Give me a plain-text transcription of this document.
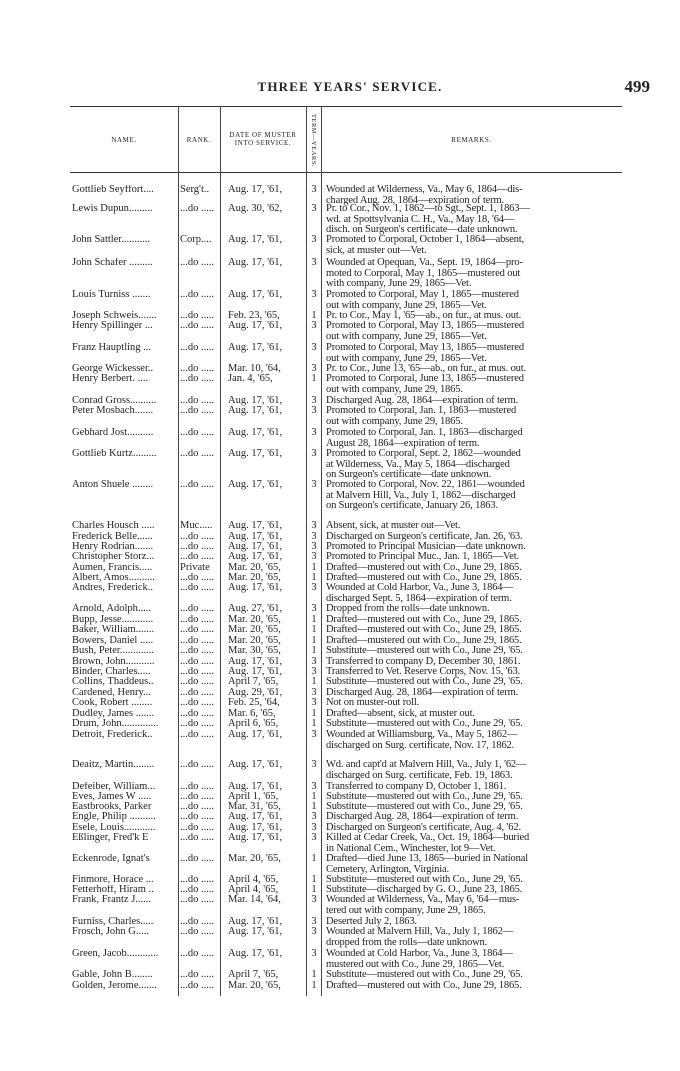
THREE YEARS' SERVICE.	499
NAME.	RANK.
DATE OF MUSTER INTO SERVICE.	TERM—YEARS.	REMARKS.
Gottlieb Seyffort....	Serg't..	Aug. 17, '61,	3 Wounded at Wilderness, Va., May 6, 1864—dis-
charged Aug. 28, 1864—expiration of term.
Lewis Dupun.........	...do ..... Aug. 30, '62,	3 Pr. to Cor., Nov. 1, 1862—to Sgt., Sept. 1, 1863—
wd. at Spottsylvania C. H., Va., May 18, '64—
disch. on Surgeon's certificate—date unknown.
John Sattler...........	Corp....	Aug. 17, '61,	3 Promoted to Corporal, October 1, 1864—absent,
sick, at muster out—Vet.
John Schafer .........	...do ..... Aug. 17, '61,	3 Wounded at Opequan, Va., Sept. 19, 1864—pro-
moted to Corporal, May 1, 1865—mustered out
with company, June 29, 1865—Vet.
Louis Turniss .......	...do ..... Aug. 17, '61,	3 Promoted to Corporal, May 1, 1865—mustered
out with company, June 29, 1865—Vet.
Joseph Schweis.......	...do ..... Feb. 23, '65,	1 Pr. to Cor., May 1, '65—ab., on fur., at mus. out.
Henry Spillinger ...	...do ..... Aug. 17, '61,	3 Promoted to Corporal, May 13, 1865—mustered
out with company, June 29, 1865—Vet.
Franz Hauptling ...	...do ..... Aug. 17, '61,	3 Promoted to Corporal, May 13, 1865—mustered
out with company, June 29, 1865—Vet.
George Wickesser..	...do ..... Mar. 10, '64,	3 Pr. to Cor., June 13, '65—ab., on fur., at mus. out.
Henry Berbert. ....	...do ..... Jan. 4, '65,	1 Promoted to Corporal, June 13, 1865—mustered
out with company, June 29, 1865.
Conrad Gross..........	...do ..... Aug. 17, '61,	3 Discharged Aug. 28, 1864—expiration of term.
Peter Mosbach.......	...do ..... Aug. 17, '61,	3 Promoted to Corporal, Jan. 1, 1863—mustered
out with company, June 29, 1865.
Gebhard Jost..........	...do ..... Aug. 17, '61,	3 Promoted to Corporal, Jan. 1, 1863—discharged
August 28, 1864—expiration of term.
Gottlieb Kurtz.........	...do ..... Aug. 17, '61,	3 Promoted to Corporal, Sept. 2, 1862—wounded
at Wilderness, Va., May 5, 1864—discharged
on Surgeon's certificate—date unknown.
Anton Shuele ........	...do ..... Aug. 17, '61,	3 Promoted to Corporal, Nov. 22, 1861—wounded
at Malvern Hill, Va., July 1, 1862—discharged
on Surgeon's certificate, January 26, 1863.
Charles Housch .....	Muc.....	Aug. 17, '61,	3 Absent, sick, at muster out—Vet.
Frederick Belle......	...do ..... Aug. 17, '61,	3 Discharged on Surgeon's certificate, Jan. 26, '63.
Henry Rodrian.......	...do ..... Aug. 17, '61,	3 Promoted to Principal Musician—date unknown.
Christopher Storz...	...do ..... Aug. 17, '61,	3 Promoted to Principal Muc., Jan. 1, 1865—Vet.
Aumen, Francis.....	Private	Mar. 20, '65,	1 Drafted—mustered out with Co., June 29, 1865.
Albert, Amos..........	...do ..... Mar. 20, '65,	1 Drafted—mustered out with Co., June 29, 1865.
Andres, Frederick..	...do ..... Aug. 17, '61,	3 Wounded at Cold Harbor, Va., June 3, 1864—
discharged Sept. 5, 1864—expiration of term.
Arnold, Adolph.....	...do ..... Aug. 27, '61,	3 Dropped from the rolls—date unknown.
Bupp, Jesse............	...do ..... Mar. 20, '65,	1 Drafted—mustered out with Co., June 29, 1865.
Baker, William.......	...do ..... Mar. 20, '65,	1 Drafted—mustered out with Co., June 29, 1865.
Bowers, Daniel .....	...do ..... Mar. 20, '65,	1 Drafted—mustered out with Co., June 29, 1865.
Bush, Peter.............	...do ..... Mar. 30, '65,	1 Substitute—mustered out with Co., June 29, '65.
Brown, John...........	...do ..... Aug. 17, '61,	3 Transferred to company D, December 30, 1861.
Binder, Charles.....	...do ..... Aug. 17, '61,	3 Transferred to Vet. Reserve Corps, Nov. 15, '63.
Collins, Thaddeus..	...do ..... April 7, '65,	1 Substitute—mustered out with Co., June 29, '65.
Cardened, Henry...	...do ..... Aug. 29, '61,	3 Discharged Aug. 28, 1864—expiration of term.
Cook, Robert ........	...do ..... Feb. 25, '64,	3 Not on muster-out roll.
Dudley, James .......	...do ..... Mar. 6, '65,	1 Drafted—absent, sick, at muster out.
Drum, John..............	...do ..... April 6, '65,	1 Substitute—mustered out with Co., June 29, '65.
Detroit, Frederick..	...do ..... Aug. 17, '61,	3 Wounded at Williamsburg, Va., May 5, 1862—
discharged on Surg. certificate, Nov. 17, 1862.
Deaitz, Martin........	...do ..... Aug. 17, '61,	3 Wd. and capt'd at Malvern Hill, Va., July 1, '62—
discharged on Surg. certificate, Feb. 19, 1863.
Defeiber, William...	...do ..... Aug. 17, '61,	3 Transferred to company D, October 1, 1861.
Eves, James W .....	...do ..... April 1, '65,	1 Substitute—mustered out with Co., June 29, '65.
Eastbrooks, Parker	...do ..... Mar. 31, '65,	1 Substitute—mustered out with Co., June 29, '65.
Engle, Philip ..........	...do ..... Aug. 17, '61,	3 Discharged Aug. 28, 1864—expiration of term.
Esele, Louis............	...do ..... Aug. 17, '61,	3 Discharged on Surgeon's certificate, Aug. 4, '62.
Eßlinger, Fred'k E	...do ..... Aug. 17, '61,	3 Killed at Cedar Creek, Va., Oct. 19, 1864—buried
in National Cem., Winchester, lot 9—Vet.
Eckenrode, Ignat's	...do ..... Mar. 20, '65,	1 Drafted—died June 13, 1865—buried in National
Cemetery, Arlington, Virginia.
Finmore, Horace ...	...do ..... April 4, '65,	1 Substitute—mustered out with Co., June 29, '65.
Fetterhoff, Hiram ..	...do ..... April 4, '65,	1 Substitute—discharged by G. O., June 23, 1865.
Frank, Frantz J......	...do ..... Mar. 14, '64,	3 Wounded at Wilderness, Va., May 6, '64—mus-
tered out with company, June 29, 1865.
Furniss, Charles.....	...do ..... Aug. 17, '61,	3 Deserted July 2, 1863.
Frosch, John G.....	...do ..... Aug. 17, '61,	3 Wounded at Malvern Hill, Va., July 1, 1862—
dropped from the rolls—date unknown.
Green, Jacob............	...do ..... Aug. 17, '61,	3 Wounded at Cold Harbor, Va., June 3, 1864—
mustered out with Co., June 29, 1865—Vet.
Gable, John B........	...do ..... April 7, '65,	1 Substitute—mustered out with Co., June 29, '65.
Golden, Jerome.......	...do ..... Mar. 20, '65,	1 Drafted—mustered out with Co., June 29, 1865.
